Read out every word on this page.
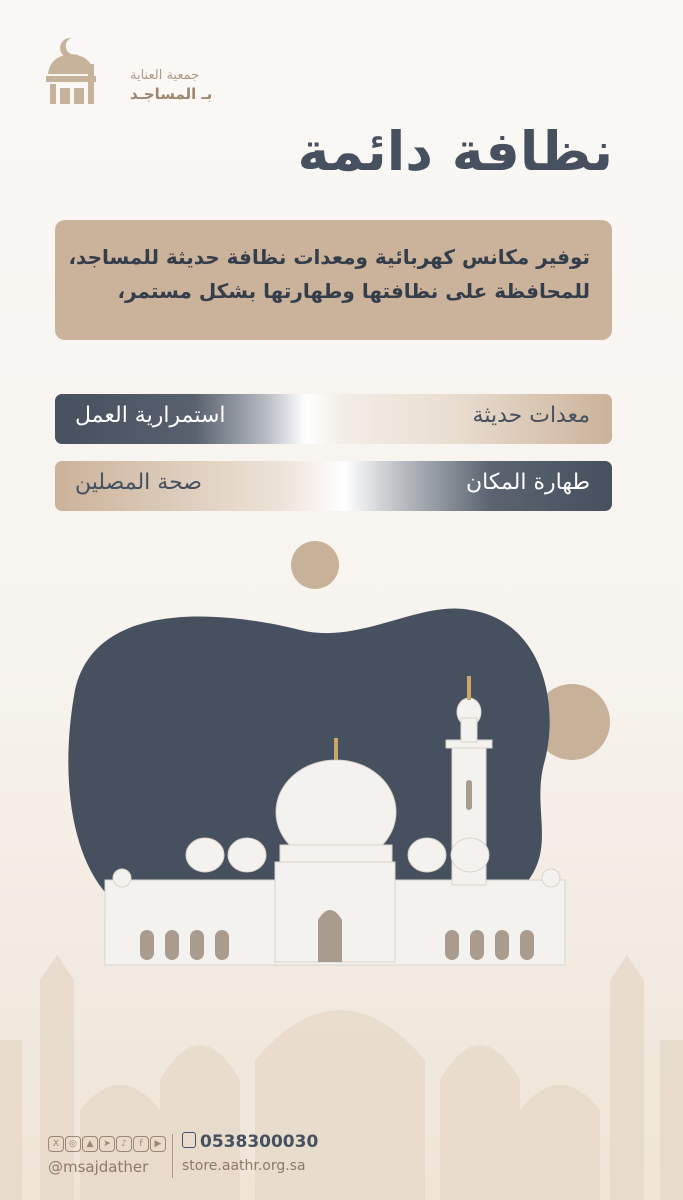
جمعية العناية
بـ المساجـد
نظافة دائمة
توفير مكانس كهربائية ومعدات نظافة حديثة للمساجد،
للمحافظة على نظافتها وطهارتها بشكل مستمر،
معدات حديثة
استمرارية العمل
طهارة المكان
صحة المصلين
X	◎	▲	➤	♪	f	▶
@msajdather
0538300030
store.aathr.org.sa
